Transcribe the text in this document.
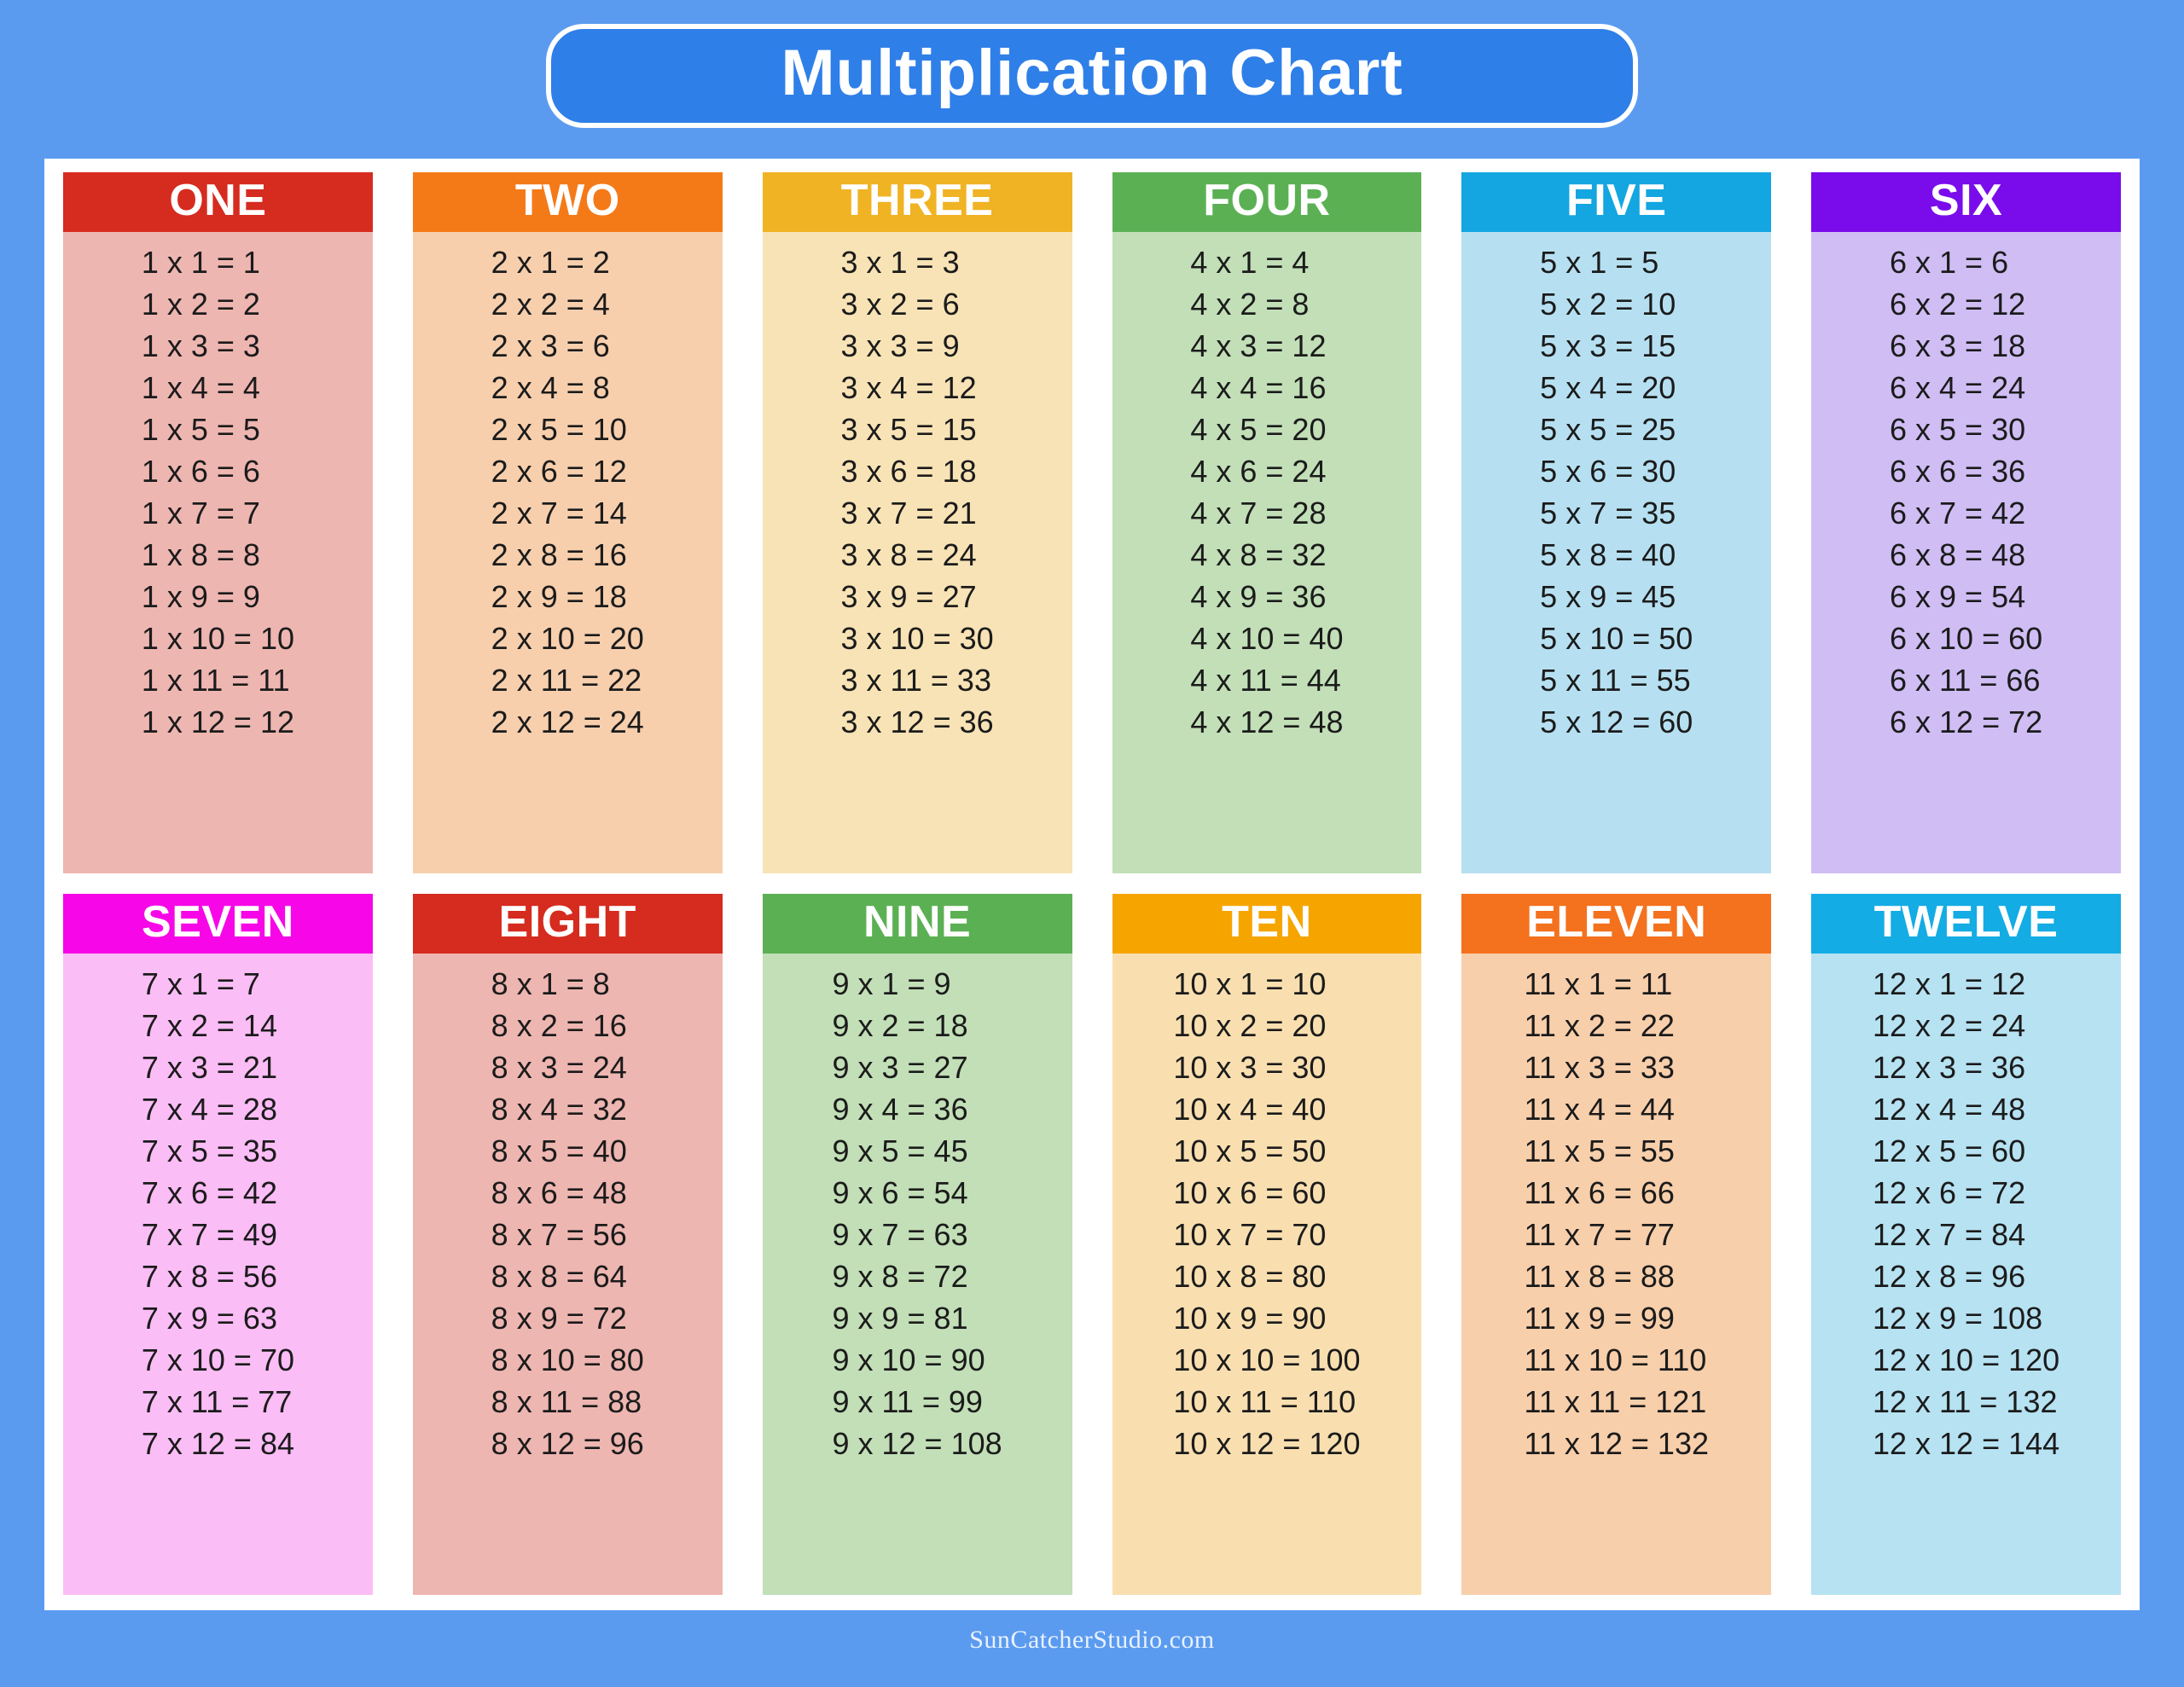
Multiplication Chart
ONE
1 x 1 = 1
1 x 2 = 2
1 x 3 = 3
1 x 4 = 4
1 x 5 = 5
1 x 6 = 6
1 x 7 = 7
1 x 8 = 8
1 x 9 = 9
1 x 10 = 10
1 x 11 = 11
1 x 12 = 12
TWO
2 x 1 = 2
2 x 2 = 4
2 x 3 = 6
2 x 4 = 8
2 x 5 = 10
2 x 6 = 12
2 x 7 = 14
2 x 8 = 16
2 x 9 = 18
2 x 10 = 20
2 x 11 = 22
2 x 12 = 24
THREE
3 x 1 = 3
3 x 2 = 6
3 x 3 = 9
3 x 4 = 12
3 x 5 = 15
3 x 6 = 18
3 x 7 = 21
3 x 8 = 24
3 x 9 = 27
3 x 10 = 30
3 x 11 = 33
3 x 12 = 36
FOUR
4 x 1 = 4
4 x 2 = 8
4 x 3 = 12
4 x 4 = 16
4 x 5 = 20
4 x 6 = 24
4 x 7 = 28
4 x 8 = 32
4 x 9 = 36
4 x 10 = 40
4 x 11 = 44
4 x 12 = 48
FIVE
5 x 1 = 5
5 x 2 = 10
5 x 3 = 15
5 x 4 = 20
5 x 5 = 25
5 x 6 = 30
5 x 7 = 35
5 x 8 = 40
5 x 9 = 45
5 x 10 = 50
5 x 11 = 55
5 x 12 = 60
SIX
6 x 1 = 6
6 x 2 = 12
6 x 3 = 18
6 x 4 = 24
6 x 5 = 30
6 x 6 = 36
6 x 7 = 42
6 x 8 = 48
6 x 9 = 54
6 x 10 = 60
6 x 11 = 66
6 x 12 = 72
SEVEN
7 x 1 = 7
7 x 2 = 14
7 x 3 = 21
7 x 4 = 28
7 x 5 = 35
7 x 6 = 42
7 x 7 = 49
7 x 8 = 56
7 x 9 = 63
7 x 10 = 70
7 x 11 = 77
7 x 12 = 84
EIGHT
8 x 1 = 8
8 x 2 = 16
8 x 3 = 24
8 x 4 = 32
8 x 5 = 40
8 x 6 = 48
8 x 7 = 56
8 x 8 = 64
8 x 9 = 72
8 x 10 = 80
8 x 11 = 88
8 x 12 = 96
NINE
9 x 1 = 9
9 x 2 = 18
9 x 3 = 27
9 x 4 = 36
9 x 5 = 45
9 x 6 = 54
9 x 7 = 63
9 x 8 = 72
9 x 9 = 81
9 x 10 = 90
9 x 11 = 99
9 x 12 = 108
TEN
10 x 1 = 10
10 x 2 = 20
10 x 3 = 30
10 x 4 = 40
10 x 5 = 50
10 x 6 = 60
10 x 7 = 70
10 x 8 = 80
10 x 9 = 90
10 x 10 = 100
10 x 11 = 110
10 x 12 = 120
ELEVEN
11 x 1 = 11
11 x 2 = 22
11 x 3 = 33
11 x 4 = 44
11 x 5 = 55
11 x 6 = 66
11 x 7 = 77
11 x 8 = 88
11 x 9 = 99
11 x 10 = 110
11 x 11 = 121
11 x 12 = 132
TWELVE
12 x 1 = 12
12 x 2 = 24
12 x 3 = 36
12 x 4 = 48
12 x 5 = 60
12 x 6 = 72
12 x 7 = 84
12 x 8 = 96
12 x 9 = 108
12 x 10 = 120
12 x 11 = 132
12 x 12 = 144
SunCatcherStudio.com
